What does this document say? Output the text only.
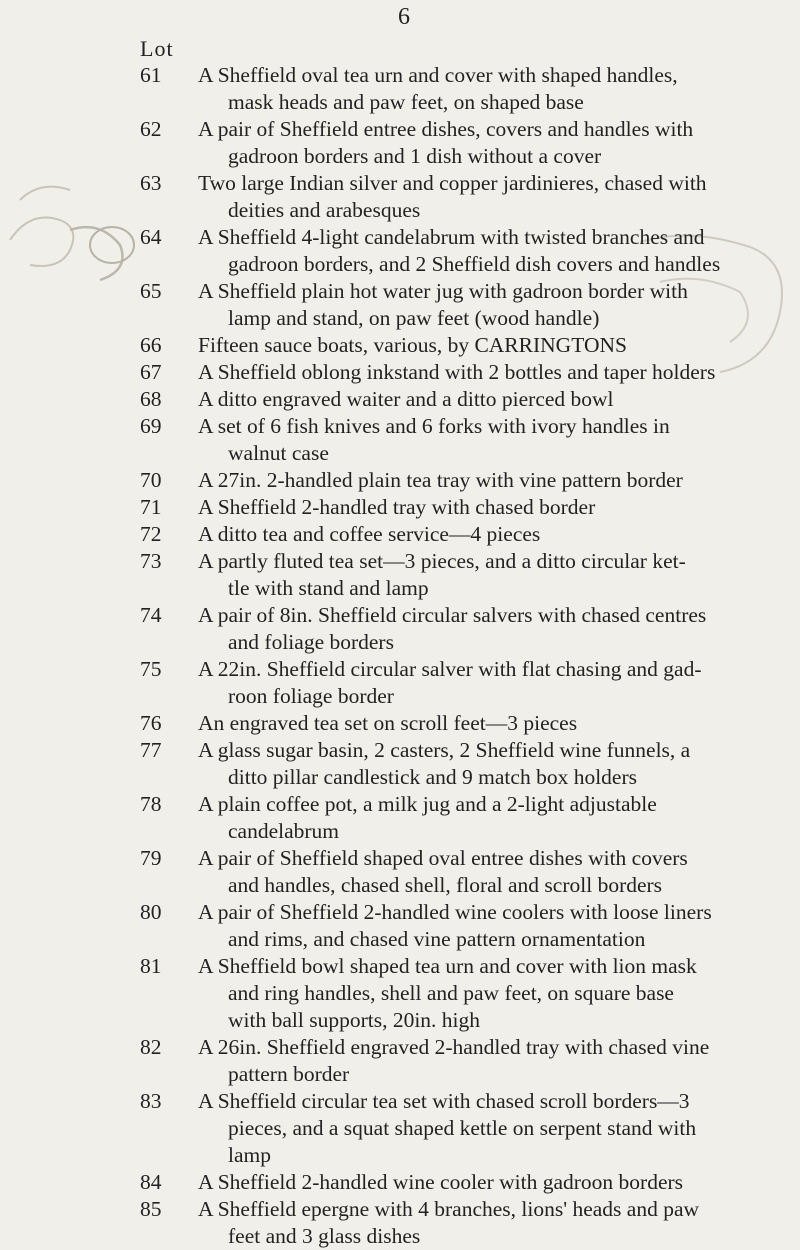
6
Lot
61	A Sheffield oval tea urn and cover with shaped handles,
mask heads and paw feet, on shaped base
62	A pair of Sheffield entree dishes, covers and handles with
gadroon borders and 1 dish without a cover
63	Two large Indian silver and copper jardinieres, chased with
deities and arabesques
64	A Sheffield 4-light candelabrum with twisted branches and
gadroon borders, and 2 Sheffield dish covers and handles
65	A Sheffield plain hot water jug with gadroon border with
lamp and stand, on paw feet (wood handle)
66	Fifteen sauce boats, various, by CARRINGTONS
67	A Sheffield oblong inkstand with 2 bottles and taper holders
68	A ditto engraved waiter and a ditto pierced bowl
69	A set of 6 fish knives and 6 forks with ivory handles in
walnut case
70	A 27in. 2-handled plain tea tray with vine pattern border
71	A Sheffield 2-handled tray with chased border
72	A ditto tea and coffee service—4 pieces
73	A partly fluted tea set—3 pieces, and a ditto circular ket-
tle with stand and lamp
74	A pair of 8in. Sheffield circular salvers with chased centres
and foliage borders
75	A 22in. Sheffield circular salver with flat chasing and gad-
roon foliage border
76	An engraved tea set on scroll feet—3 pieces
77	A glass sugar basin, 2 casters, 2 Sheffield wine funnels, a
ditto pillar candlestick and 9 match box holders
78	A plain coffee pot, a milk jug and a 2-light adjustable
candelabrum
79	A pair of Sheffield shaped oval entree dishes with covers
and handles, chased shell, floral and scroll borders
80	A pair of Sheffield 2-handled wine coolers with loose liners
and rims, and chased vine pattern ornamentation
81	A Sheffield bowl shaped tea urn and cover with lion mask
and ring handles, shell and paw feet, on square base
with ball supports, 20in. high
82	A 26in. Sheffield engraved 2-handled tray with chased vine
pattern border
83	A Sheffield circular tea set with chased scroll borders—3
pieces, and a squat shaped kettle on serpent stand with
lamp
84	A Sheffield 2-handled wine cooler with gadroon borders
85	A Sheffield epergne with 4 branches, lions' heads and paw
feet and 3 glass dishes
